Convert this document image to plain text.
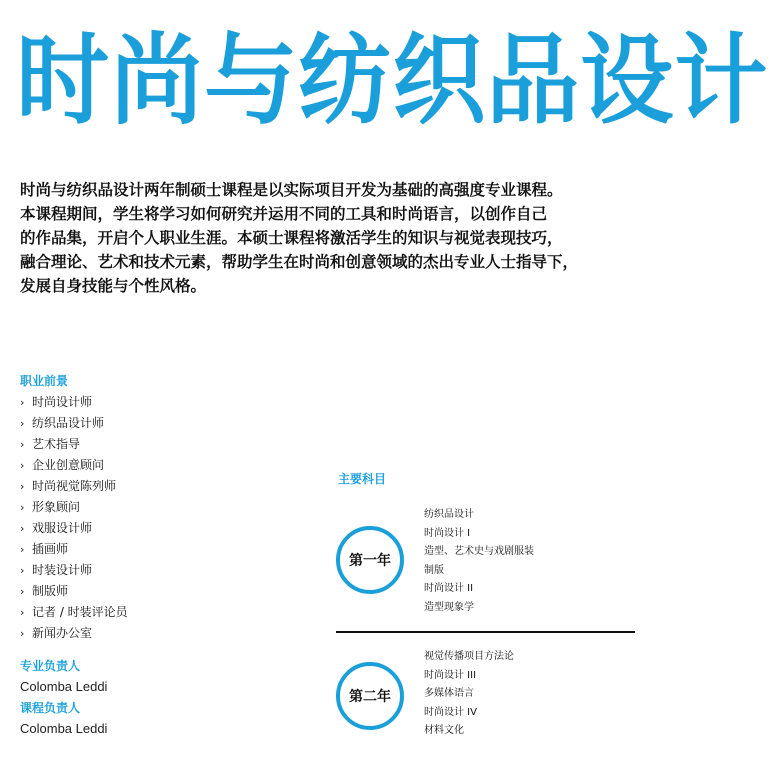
时尚与纺织品设计
时尚与纺织品设计两年制硕士课程是以实际项目开发为基础的高强度专业课程。
本课程期间，学生将学习如何研究并运用不同的工具和时尚语言，以创作自己
的作品集，开启个人职业生涯。本硕士课程将激活学生的知识与视觉表现技巧，
融合理论、艺术和技术元素，帮助学生在时尚和创意领域的杰出专业人士指导下，
发展自身技能与个性风格。

职业前景

› 时尚设计师
› 纺织品设计师
› 艺术指导
› 企业创意顾问
› 时尚视觉陈列师
› 形象顾问
› 戏服设计师
› 插画师
› 时装设计师
› 制版师
› 记者 / 时装评论员
› 新闻办公室

专业负责人

Colomba Leddi

课程负责人

Colomba Leddi

主要科目

第一年
纺织品设计
时尚设计 I
造型、艺术史与戏剧服装
制版
时尚设计 II
造型现象学
第二年
视觉传播项目方法论
时尚设计 III
多媒体语言
时尚设计 IV
材料文化
